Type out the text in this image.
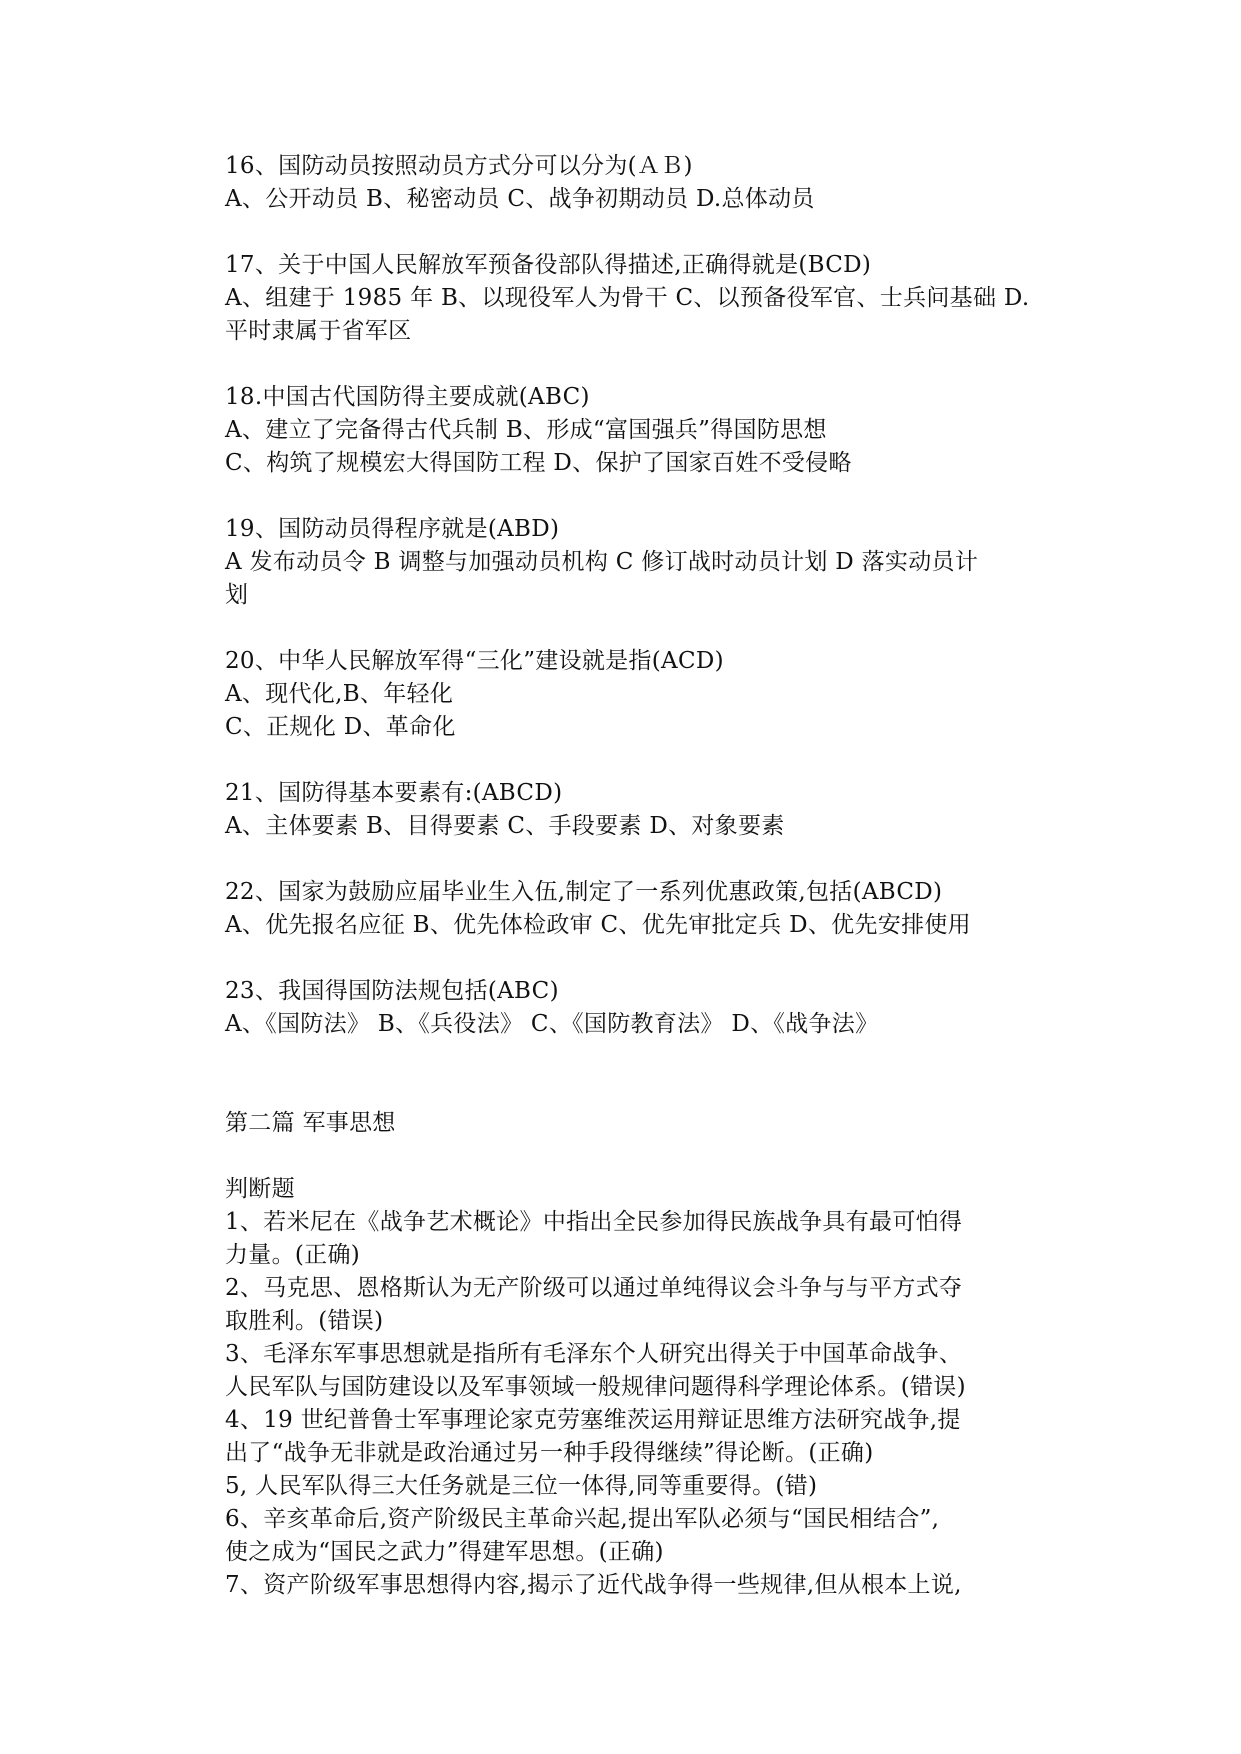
16、国防动员按照动员方式分可以分为(ＡＢ)
A、公开动员 B、秘密动员 C、战争初期动员 D.总体动员
17、关于中国人民解放军预备役部队得描述,正确得就是(BCD)
A、组建于 1985 年 B、以现役军人为骨干 C、以预备役军官、士兵问基础 D.
平时隶属于省军区
18.中国古代国防得主要成就(ABC)
A、建立了完备得古代兵制 B、形成“富国强兵”得国防思想
C、构筑了规模宏大得国防工程 D、保护了国家百姓不受侵略
19、国防动员得程序就是(ABD)
A 发布动员令 B 调整与加强动员机构 C 修订战时动员计划 D 落实动员计
划
20、中华人民解放军得“三化”建设就是指(ACD)
A、现代化,B、年轻化
C、正规化 D、革命化
21、国防得基本要素有:(ABCD)
A、主体要素 B、目得要素 C、手段要素 D、对象要素
22、国家为鼓励应届毕业生入伍,制定了一系列优惠政策,包括(ABCD)
A、优先报名应征 B、优先体检政审 C、优先审批定兵 D、优先安排使用
23、我国得国防法规包括(ABC)
A、《国防法》 B、《兵役法》 C、《国防教育法》 D、《战争法》
第二篇 军事思想
判断题
1、若米尼在《战争艺术概论》中指出全民参加得民族战争具有最可怕得
力量。(正确)
2、马克思、恩格斯认为无产阶级可以通过单纯得议会斗争与与平方式夺
取胜利。(错误)
3、毛泽东军事思想就是指所有毛泽东个人研究出得关于中国革命战争、
人民军队与国防建设以及军事领域一般规律问题得科学理论体系。(错误)
4、19 世纪普鲁士军事理论家克劳塞维茨运用辩证思维方法研究战争,提
出了“战争无非就是政治通过另一种手段得继续”得论断。(正确)
5, 人民军队得三大任务就是三位一体得,同等重要得。(错)
6、辛亥革命后,资产阶级民主革命兴起,提出军队必须与“国民相结合”,
使之成为“国民之武力”得建军思想。(正确)
7、资产阶级军事思想得内容,揭示了近代战争得一些规律,但从根本上说,
